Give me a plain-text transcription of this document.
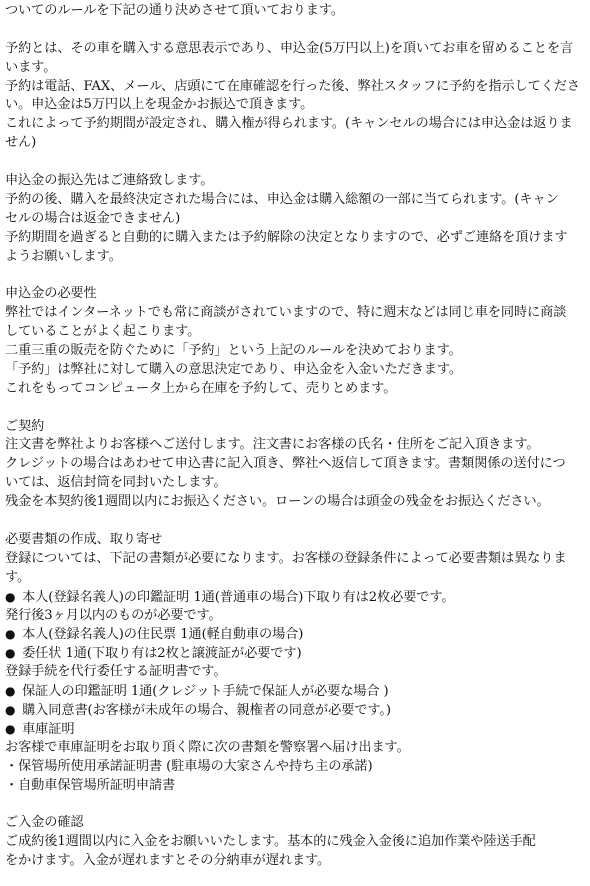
ついてのルールを下記の通り決めさせて頂いております。
予約とは、その車を購入する意思表示であり、申込金(5万円以上)を頂いてお車を留めることを言
います。
予約は電話、FAX、メール、店頭にて在庫確認を行った後、弊社スタッフに予約を指示してくださ
い。申込金は5万円以上を現金かお振込で頂きます。
これによって予約期間が設定され、購入権が得られます。(キャンセルの場合には申込金は返りま
せん)
申込金の振込先はご連絡致します。
予約の後、購入を最終決定された場合には、申込金は購入総額の一部に当てられます。(キャン
セルの場合は返金できません)
予約期間を過ぎると自動的に購入または予約解除の決定となりますので、必ずご連絡を頂けます
ようお願いします。
申込金の必要性
弊社ではインターネットでも常に商談がされていますので、特に週末などは同じ車を同時に商談
していることがよく起こります。
二重三重の販売を防ぐために「予約」という上記のルールを決めております。
「予約」は弊社に対して購入の意思決定であり、申込金を入金いただきます。
これをもってコンピュータ上から在庫を予約して、売りとめます。
ご契約
注文書を弊社よりお客様へご送付します。注文書にお客様の氏名・住所をご記入頂きます。
クレジットの場合はあわせて申込書に記入頂き、弊社へ返信して頂きます。書類関係の送付につ
いては、返信封筒を同封いたします。
残金を本契約後1週間以内にお振込ください。ローンの場合は頭金の残金をお振込ください。
必要書類の作成、取り寄せ
登録については、下記の書類が必要になります。お客様の登録条件によって必要書類は異なりま
す。
● 本人(登録名義人)の印鑑証明 1通(普通車の場合)下取り有は2枚必要です。
発行後3ヶ月以内のものが必要です。
● 本人(登録名義人)の住民票 1通(軽自動車の場合)
● 委任状 1通(下取り有は2枚と譲渡証が必要です)
登録手続を代行委任する証明書です。
● 保証人の印鑑証明 1通(クレジット手続で保証人が必要な場合 )
● 購入同意書(お客様が未成年の場合、親権者の同意が必要です。)
● 車庫証明
お客様で車庫証明をお取り頂く際に次の書類を警察署へ届け出ます。
・保管場所使用承諾証明書 (駐車場の大家さんや持ち主の承諾)
・自動車保管場所証明申請書
ご入金の確認
ご成約後1週間以内に入金をお願いいたします。基本的に残金入金後に追加作業や陸送手配
をかけます。入金が遅れますとその分納車が遅れます。
